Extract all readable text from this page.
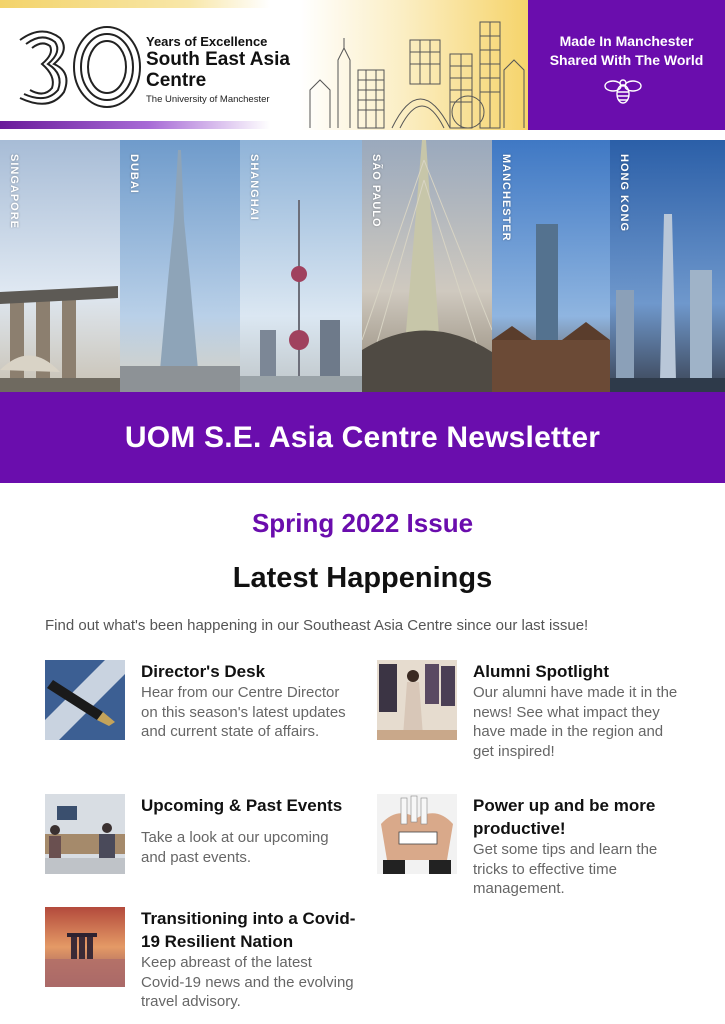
Years of Excellence
South East Asia
Centre
The University of Manchester
Made In Manchester
Shared With The World
SINGAPORE	DUBAI	SHANGHAI	SÃO PAULO	MANCHESTER	HONG KONG
UOM S.E. Asia Centre Newsletter
Spring 2022 Issue
Latest Happenings
Find out what's been happening in our Southeast Asia Centre since our last issue!
Director's Desk
Hear from our Centre Director on this season's latest updates and current state of affairs.
Alumni Spotlight
Our alumni have made it in the news! See what impact they have made in the region and get inspired!
Upcoming & Past Events
Take a look at our upcoming and past events.
Power up and be more productive!
Get some tips and learn the tricks to effective time management.
Transitioning into a Covid-19 Resilient Nation
Keep abreast of the latest Covid-19 news and the evolving travel advisory.
